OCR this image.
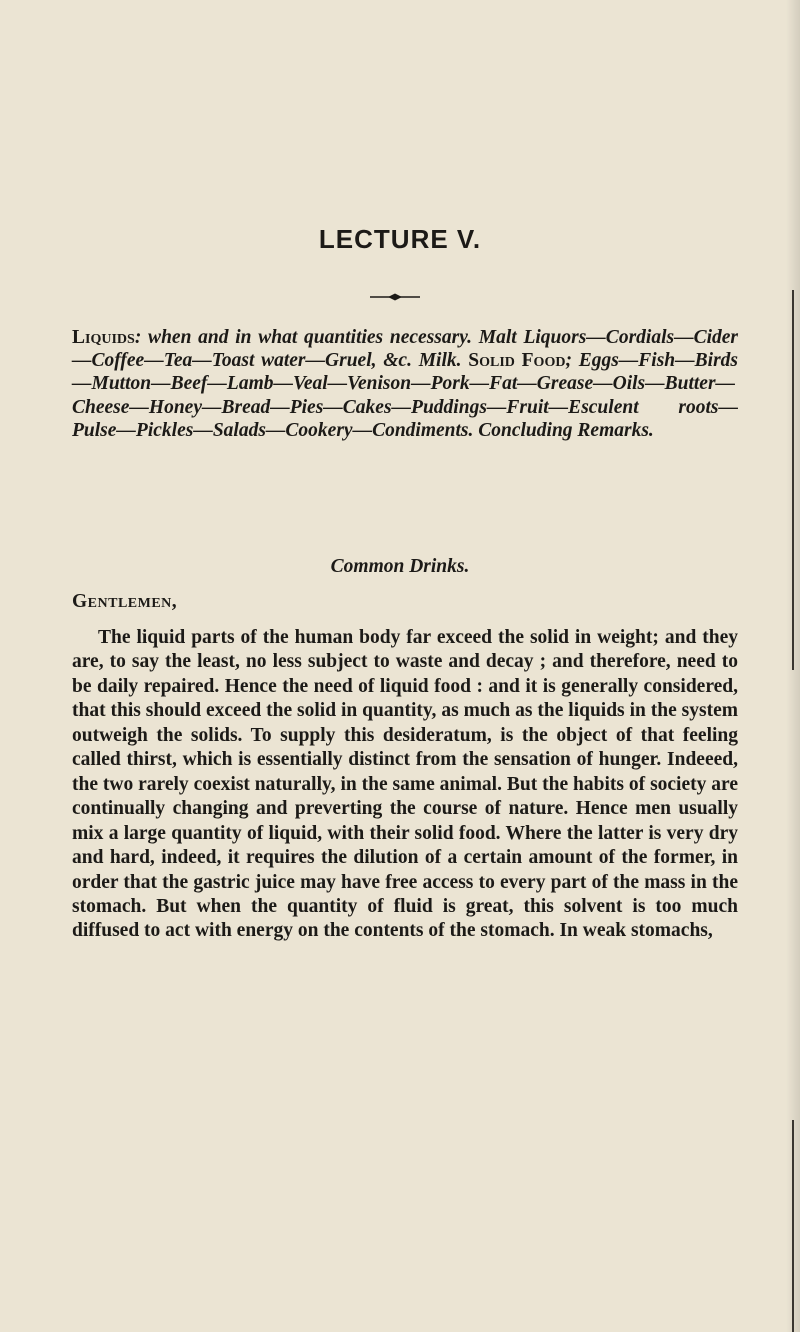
LECTURE V.
Liquids: when and in what quantities necessary. Malt Liquors—Cordials—Cider—Coffee—Tea—Toast water—Gruel, &c. Milk. Solid Food; Eggs—Fish—Birds—Mutton—Beef—Lamb—Veal—Venison—Pork—Fat—Grease—Oils—Butter—Cheese—Honey—Bread—Pies—Cakes—Puddings—Fruit—Esculent roots—Pulse—Pickles—Salads—Cookery—Condiments. Concluding Remarks.
Common Drinks.
Gentlemen,
The liquid parts of the human body far exceed the solid in weight; and they are, to say the least, no less subject to waste and decay ; and therefore, need to be daily repaired. Hence the need of liquid food : and it is generally considered, that this should exceed the solid in quantity, as much as the liquids in the system outweigh the solids. To supply this desideratum, is the object of that feeling called thirst, which is essentially distinct from the sensation of hunger. Indeeed, the two rarely coexist naturally, in the same animal. But the habits of society are continually changing and preverting the course of nature. Hence men usually mix a large quantity of liquid, with their solid food. Where the latter is very dry and hard, indeed, it requires the dilution of a certain amount of the former, in order that the gastric juice may have free access to every part of the mass in the stomach. But when the quantity of fluid is great, this solvent is too much diffused to act with energy on the contents of the stomach. In weak stomachs,
